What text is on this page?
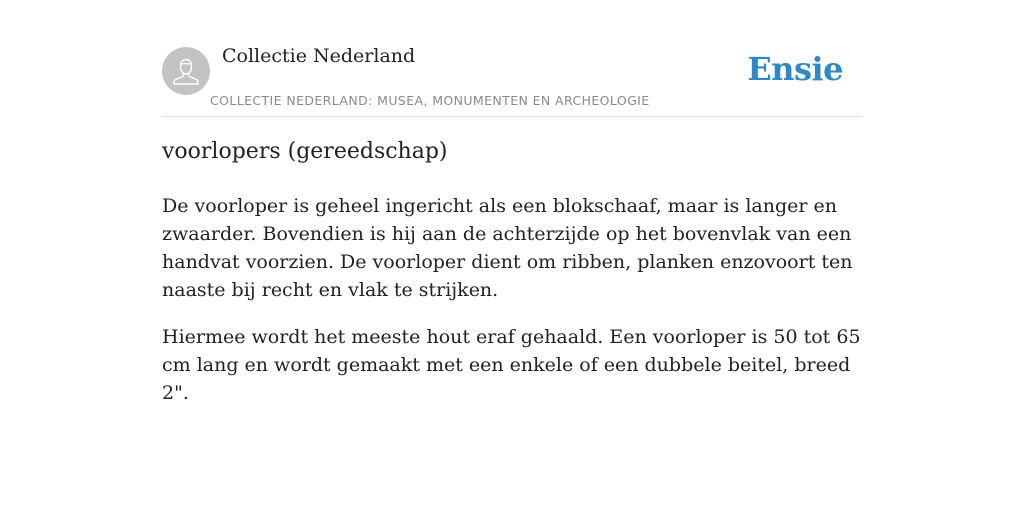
Collectie Nederland
COLLECTIE NEDERLAND: MUSEA, MONUMENTEN EN ARCHEOLOGIE
Ensie
voorlopers (gereedschap)

De voorloper is geheel ingericht als een blokschaaf, maar is langer en zwaarder. Bovendien is hij aan de achterzijde op het bovenvlak van een handvat voorzien. De voorloper dient om ribben, planken enzovoort ten naaste bij recht en vlak te strijken.

Hiermee wordt het meeste hout eraf gehaald. Een voorloper is 50 tot 65 cm lang en wordt gemaakt met een enkele of een dubbele beitel, breed 2".
